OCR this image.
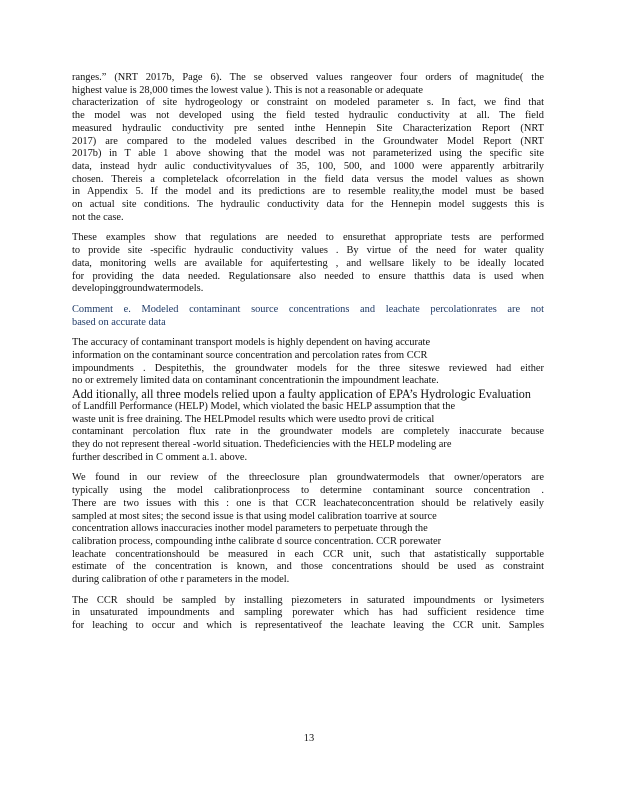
ranges.” (NRT 2017b, Page 6). The se observed values rangeover four orders of magnitude( the
highest value is 28,000 times the lowest value ). This is not a reasonable or adequate
characterization of site hydrogeology or constraint on modeled parameter s. In fact, we find that
the model was not developed using the field tested hydraulic conductivity at all. The field
measured hydraulic conductivity pre sented inthe Hennepin Site Characterization Report (NRT
2017) are compared to the modeled values described in the Groundwater Model Report (NRT
2017b) in T able 1 above showing that the model was not parameterized using the specific site
data, instead hydr aulic conductivityvalues of 35, 100, 500, and 1000 were apparently arbitrarily
chosen. Thereis a completelack ofcorrelation in the field data versus the model values as shown
in Appendix 5. If the model and its predictions are to resemble reality,the model must be based
on actual site conditions. The hydraulic conductivity data for the Hennepin model suggests this is
not the case.
These examples show that regulations are needed to ensurethat appropriate tests are performed
to provide site -specific hydraulic conductivity values . By virtue of the need for water quality
data, monitoring wells are available for aquifertesting , and wellsare likely to be ideally located
for providing the data needed. Regulationsare also needed to ensure thatthis data is used when
developinggroundwatermodels.
Comment e. Modeled contaminant source concentrations and leachate percolationrates are not
based on accurate data
The accuracy of contaminant transport models is highly dependent on having accurate
information on the contaminant source concentration and percolation rates from CCR
impoundments . Despitethis, the groundwater models for the three siteswe reviewed had either
no or extremely limited data on contaminant concentrationin the impoundment leachate.
Add itionally, all three models relied upon a faulty application of EPA’s Hydrologic Evaluation
of Landfill Performance (HELP) Model, which violated the basic HELP assumption that the
waste unit is free draining. The HELPmodel results which were usedto provi de critical
contaminant percolation flux rate in the groundwater models are completely inaccurate because
they do not represent thereal -world situation. Thedeficiencies with the HELP modeling are
further described in C omment a.1. above.
We found in our review of the threeclosure plan groundwatermodels that owner/operators are
typically using the model calibrationprocess to determine contaminant source concentration .
There are two issues with this : one is that CCR leachateconcentration should be relatively easily
sampled at most sites; the second issue is that using model calibration toarrive at source
concentration allows inaccuracies inother model parameters to perpetuate through the
calibration process, compounding inthe calibrate d source concentration. CCR porewater
leachate concentrationshould be measured in each CCR unit, such that astatistically supportable
estimate of the concentration is known, and those concentrations should be used as constraint
during calibration of othe r parameters in the model.
The CCR should be sampled by installing piezometers in saturated impoundments or lysimeters
in unsaturated impoundments and sampling porewater which has had sufficient residence time
for leaching to occur and which is representativeof the leachate leaving the CCR unit. Samples
13
